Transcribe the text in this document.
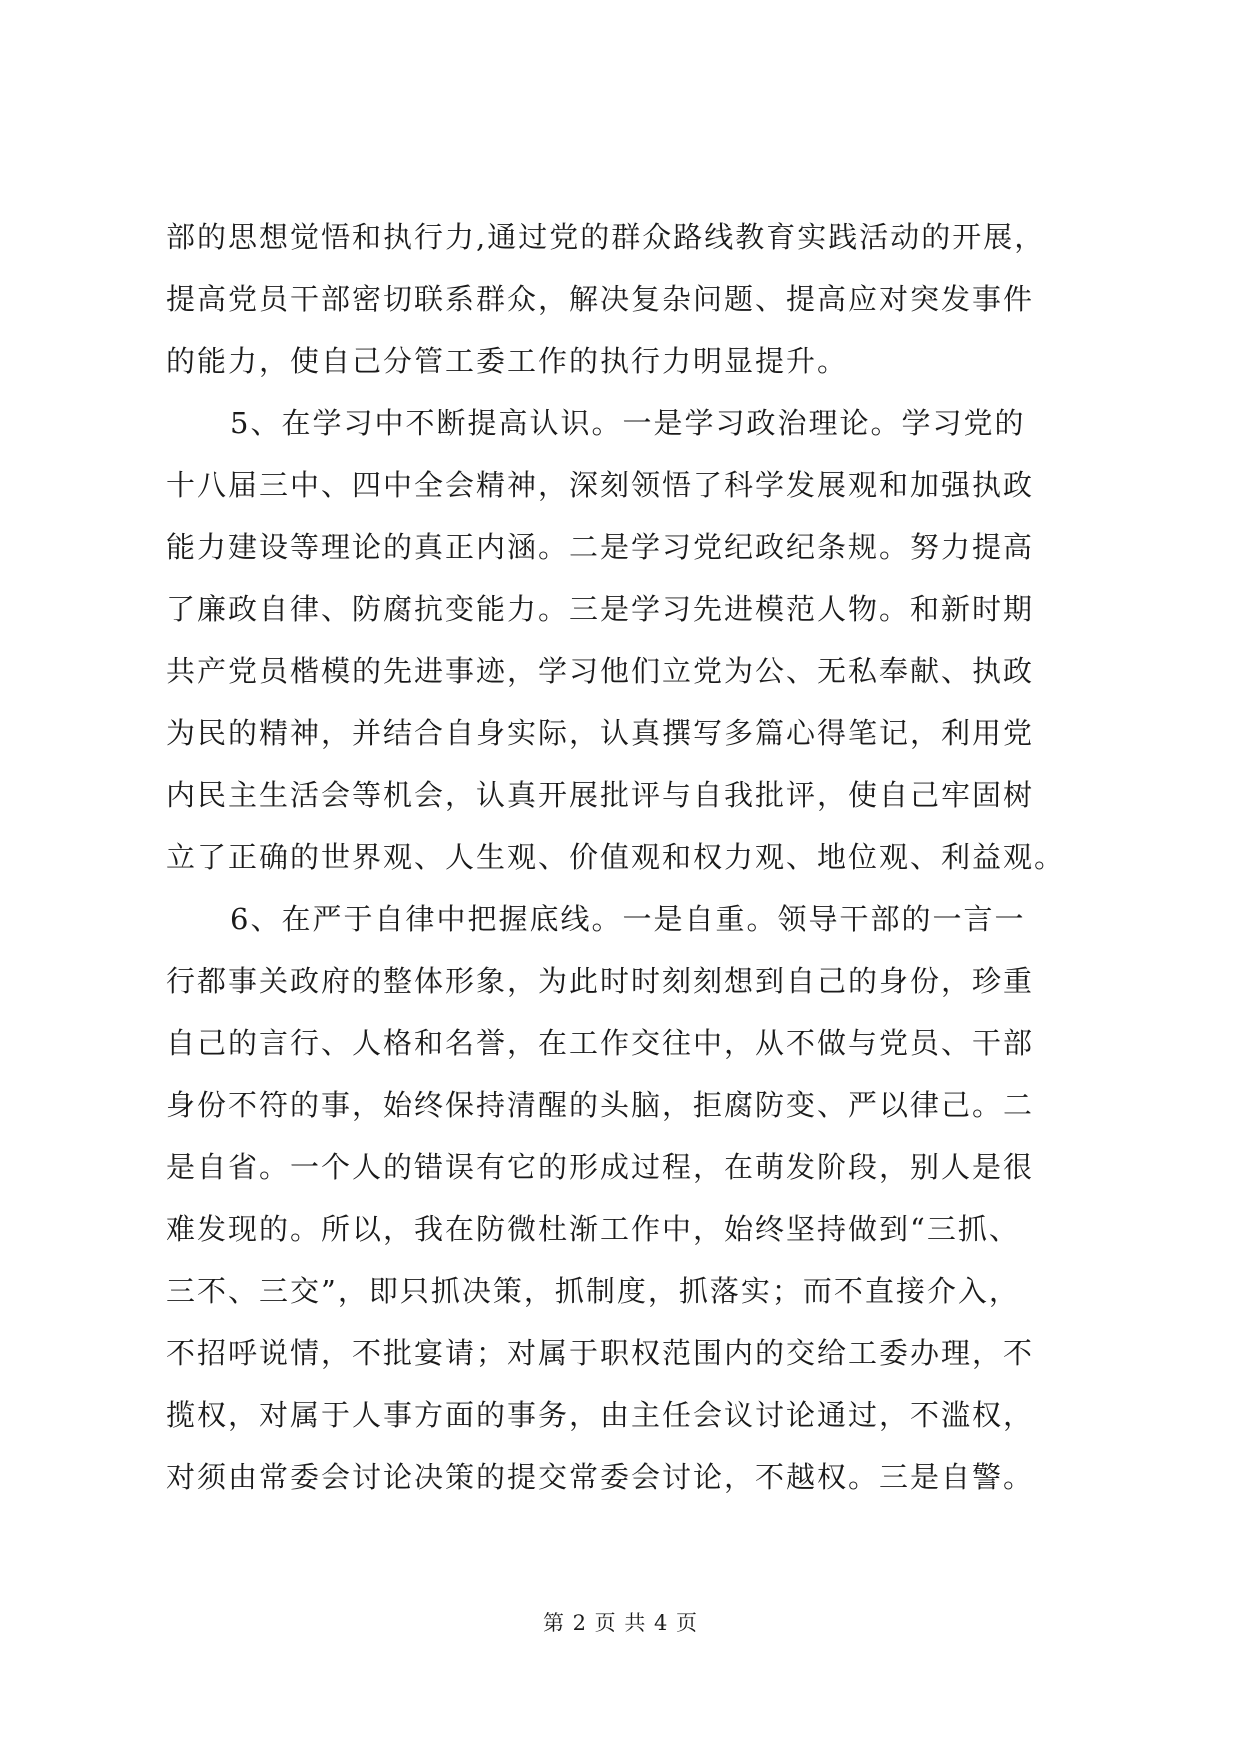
部的思想觉悟和执行力,通过党的群众路线教育实践活动的开展，
提高党员干部密切联系群众，解决复杂问题、提高应对突发事件
的能力，使自己分管工委工作的执行力明显提升。
5、在学习中不断提高认识。一是学习政治理论。学习党的
十八届三中、四中全会精神，深刻领悟了科学发展观和加强执政
能力建设等理论的真正内涵。二是学习党纪政纪条规。努力提高
了廉政自律、防腐抗变能力。三是学习先进模范人物。和新时期
共产党员楷模的先进事迹，学习他们立党为公、无私奉献、执政
为民的精神，并结合自身实际，认真撰写多篇心得笔记，利用党
内民主生活会等机会，认真开展批评与自我批评，使自己牢固树
立了正确的世界观、人生观、价值观和权力观、地位观、利益观。
6、在严于自律中把握底线。一是自重。领导干部的一言一
行都事关政府的整体形象，为此时时刻刻想到自己的身份，珍重
自己的言行、人格和名誉，在工作交往中，从不做与党员、干部
身份不符的事，始终保持清醒的头脑，拒腐防变、严以律己。二
是自省。一个人的错误有它的形成过程，在萌发阶段，别人是很
难发现的。所以，我在防微杜渐工作中，始终坚持做到“三抓、
三不、三交”，即只抓决策，抓制度，抓落实；而不直接介入，
不招呼说情，不批宴请；对属于职权范围内的交给工委办理，不
揽权，对属于人事方面的事务，由主任会议讨论通过，不滥权，
对须由常委会讨论决策的提交常委会讨论，不越权。三是自警。
第 2 页 共 4 页
